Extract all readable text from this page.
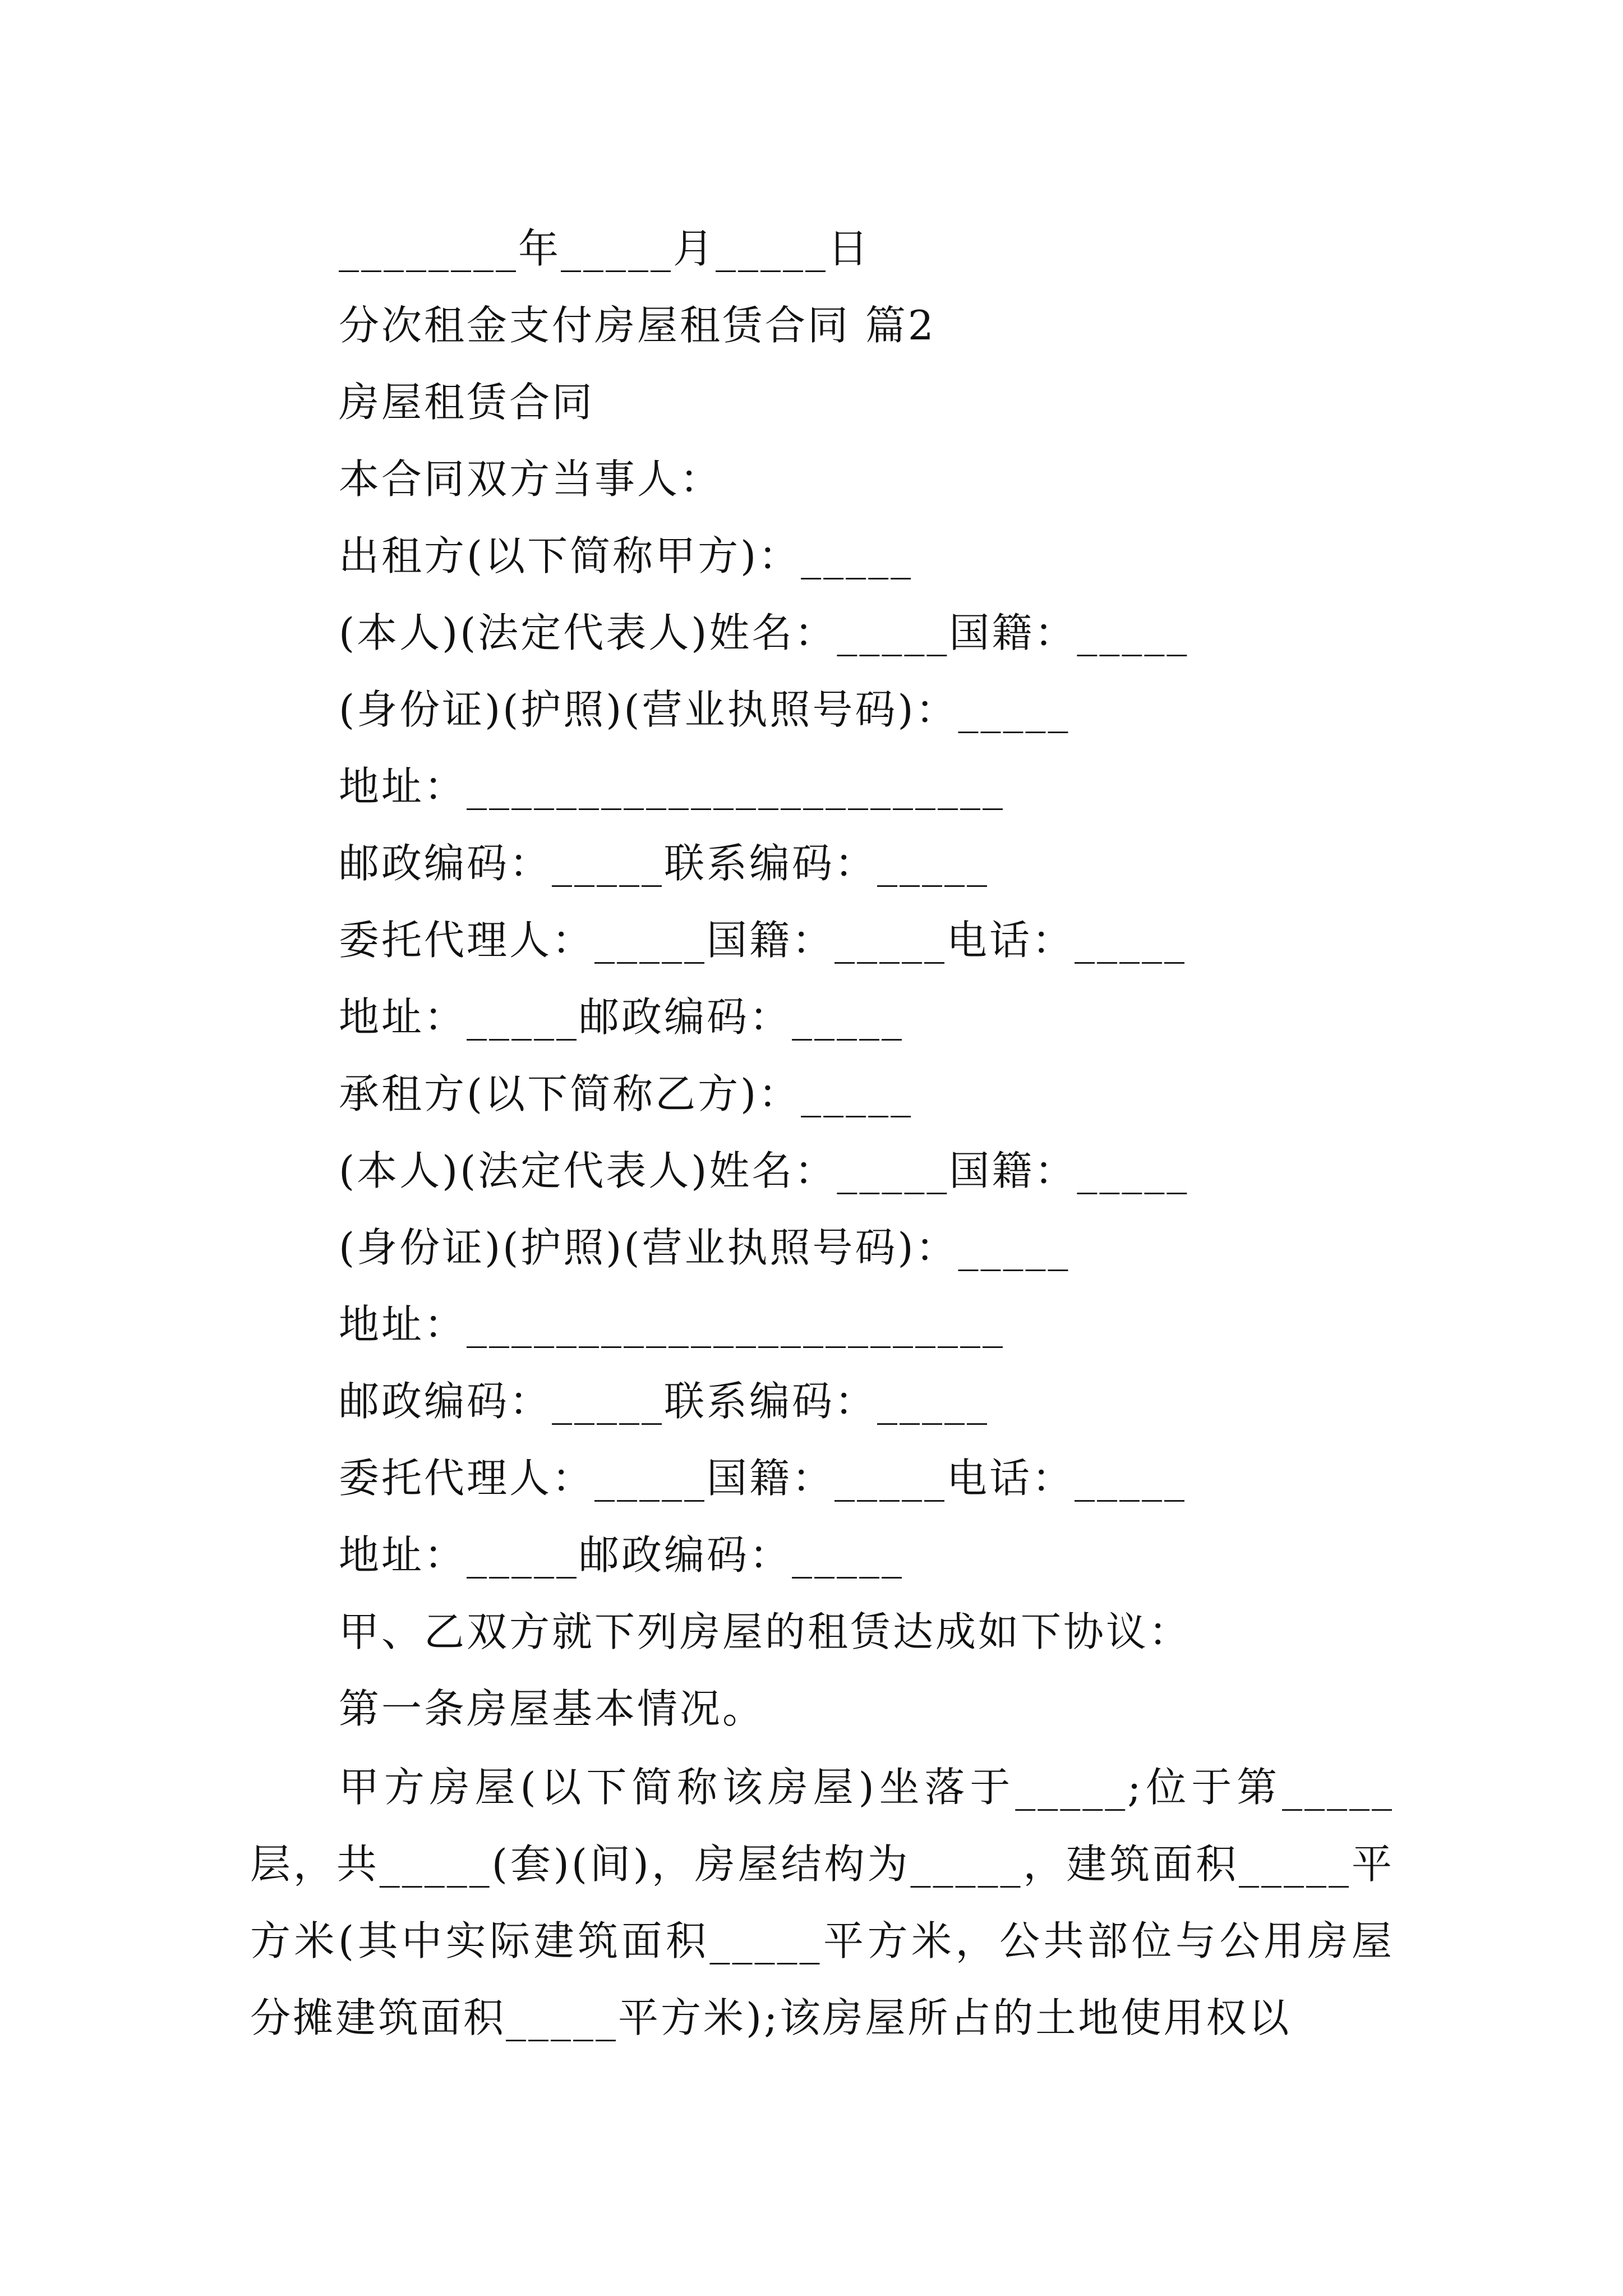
________年_____月_____日
分次租金支付房屋租赁合同 篇2
房屋租赁合同
本合同双方当事人：
出租方(以下简称甲方)：_____
(本人)(法定代表人)姓名：_____国籍：_____
(身份证)(护照)(营业执照号码)：_____
地址：________________________
邮政编码：_____联系编码：_____
委托代理人：_____国籍：_____电话：_____
地址：_____邮政编码：_____
承租方(以下简称乙方)：_____
(本人)(法定代表人)姓名：_____国籍：_____
(身份证)(护照)(营业执照号码)：_____
地址：________________________
邮政编码：_____联系编码：_____
委托代理人：_____国籍：_____电话：_____
地址：_____邮政编码：_____
甲、乙双方就下列房屋的租赁达成如下协议：
第一条房屋基本情况。
甲方房屋(以下简称该房屋)坐落于_____;位于第_____层，共_____(套)(间)，房屋结构为_____，建筑面积_____平方米(其中实际建筑面积_____平方米，公共部位与公用房屋分摊建筑面积_____平方米);该房屋所占的土地使用权以
